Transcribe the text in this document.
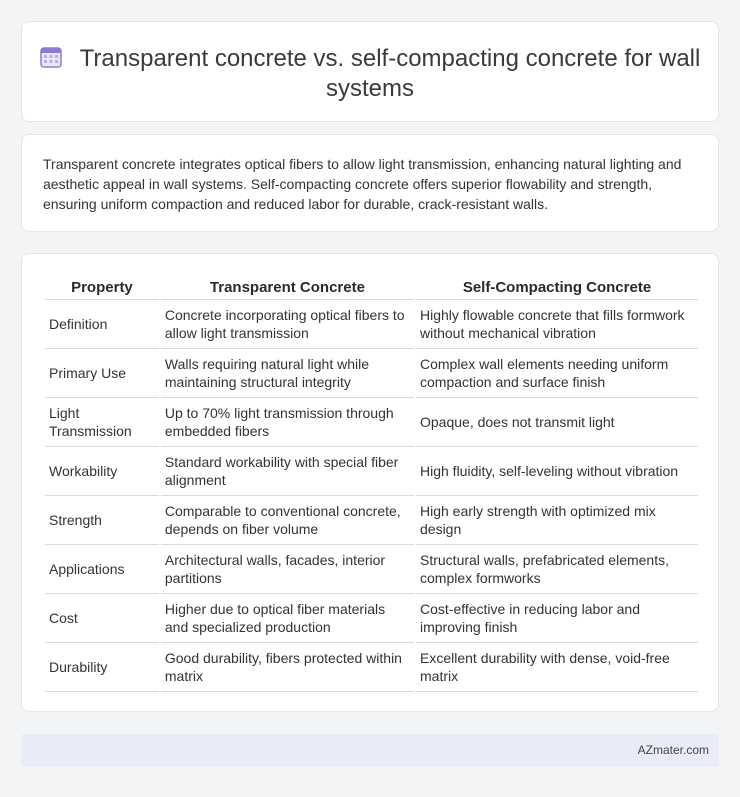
Transparent concrete vs. self-compacting concrete for wall systems

Transparent concrete integrates optical fibers to allow light transmission, enhancing natural lighting and aesthetic appeal in wall systems. Self-compacting concrete offers superior flowability and strength, ensuring uniform compaction and reduced labor for durable, crack-resistant walls.

Property	Transparent Concrete	Self-Compacting Concrete
Definition	Concrete incorporating optical fibers to allow light transmission	Highly flowable concrete that fills formwork without mechanical vibration
Primary Use	Walls requiring natural light while maintaining structural integrity	Complex wall elements needing uniform compaction and surface finish
Light Transmission	Up to 70% light transmission through embedded fibers	Opaque, does not transmit light
Workability	Standard workability with special fiber alignment	High fluidity, self-leveling without vibration
Strength	Comparable to conventional concrete, depends on fiber volume	High early strength with optimized mix design
Applications	Architectural walls, facades, interior partitions	Structural walls, prefabricated elements, complex formworks
Cost	Higher due to optical fiber materials and specialized production	Cost-effective in reducing labor and improving finish
Durability	Good durability, fibers protected within matrix	Excellent durability with dense, void-free matrix
AZmater.com
